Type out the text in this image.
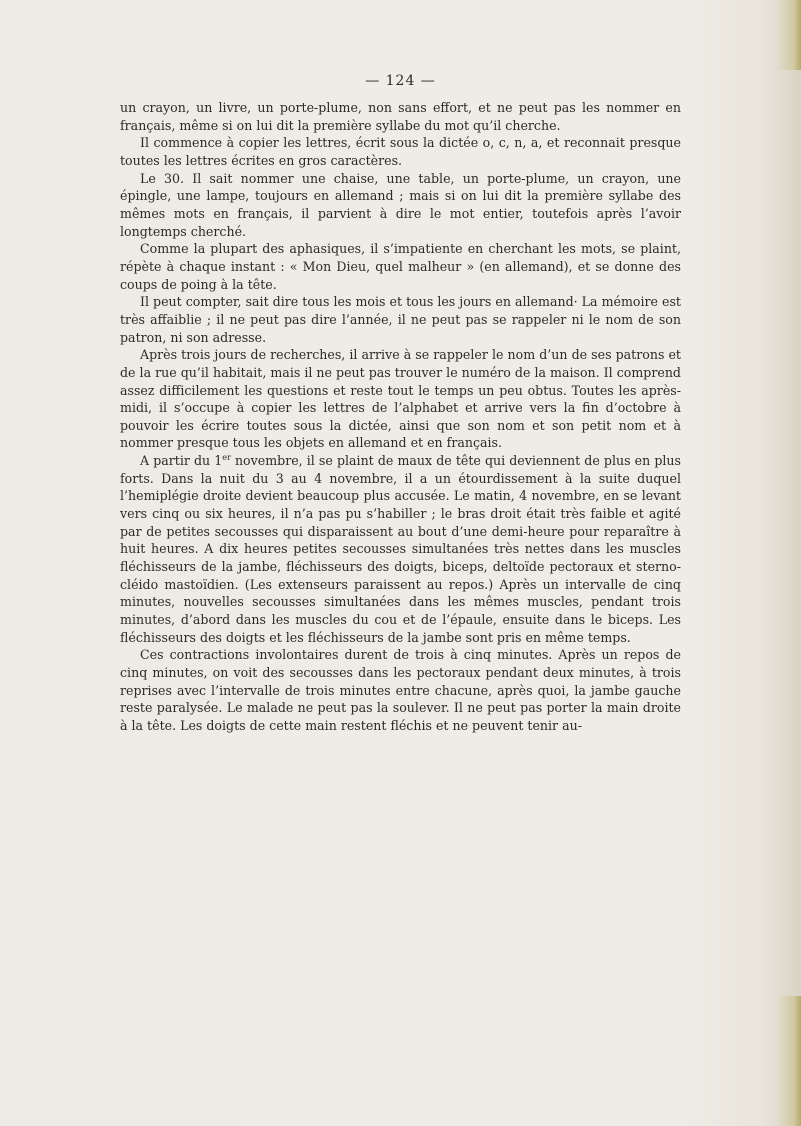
— 124 —

un crayon, un livre, un porte-plume, non sans effort, et ne peut pas les nommer en français, même si on lui dit la première syllabe du mot qu’il cherche.

Il commence à copier les lettres, écrit sous la dictée o, c, n, a, et reconnait presque toutes les lettres écrites en gros caractères.

Le 30. Il sait nommer une chaise, une table, un porte-plume, un crayon, une épingle, une lampe, toujours en allemand ; mais si on lui dit la première syllabe des mêmes mots en français, il parvient à dire le mot entier, toutefois après l’avoir longtemps cherché.

Comme la plupart des aphasiques, il s’impatiente en cherchant les mots, se plaint, répète à chaque instant : « Mon Dieu, quel malheur » (en allemand), et se donne des coups de poing à la tête.

Il peut compter, sait dire tous les mois et tous les jours en allemand· La mémoire est très affaiblie ; il ne peut pas dire l’année, il ne peut pas se rappeler ni le nom de son patron, ni son adresse.

Après trois jours de recherches, il arrive à se rappeler le nom d’un de ses patrons et de la rue qu’il habitait, mais il ne peut pas trouver le numéro de la maison. Il comprend assez difficilement les questions et reste tout le temps un peu obtus. Toutes les après-midi, il s’occupe à copier les lettres de l’alphabet et arrive vers la fin d’octobre à pouvoir les écrire toutes sous la dictée, ainsi que son nom et son petit nom et à nommer presque tous les objets en allemand et en français.

A partir du 1er novembre, il se plaint de maux de tête qui deviennent de plus en plus forts. Dans la nuit du 3 au 4 novembre, il a un étourdissement à la suite duquel l’hemiplégie droite devient beaucoup plus accusée. Le matin, 4 novembre, en se levant vers cinq ou six heures, il n’a pas pu s’habiller ; le bras droit était très faible et agité par de petites secousses qui disparaissent au bout d’une demi-heure pour reparaître à huit heures. A dix heures petites secousses simultanées très nettes dans les muscles fléchisseurs de la jambe, fléchisseurs des doigts, biceps, deltoïde pectoraux et sterno-cléido mastoïdien. (Les extenseurs paraissent au repos.) Après un intervalle de cinq minutes, nouvelles secousses simultanées dans les mêmes muscles, pendant trois minutes, d’abord dans les muscles du cou et de l’épaule, ensuite dans le biceps. Les fléchisseurs des doigts et les fléchisseurs de la jambe sont pris en même temps.

Ces contractions involontaires durent de trois à cinq minutes. Après un repos de cinq minutes, on voit des secousses dans les pectoraux pendant deux minutes, à trois reprises avec l’intervalle de trois minutes entre chacune, après quoi, la jambe gauche reste paralysée. Le malade ne peut pas la soulever. Il ne peut pas porter la main droite à la tête. Les doigts de cette main restent fléchis et ne peuvent tenir au-
